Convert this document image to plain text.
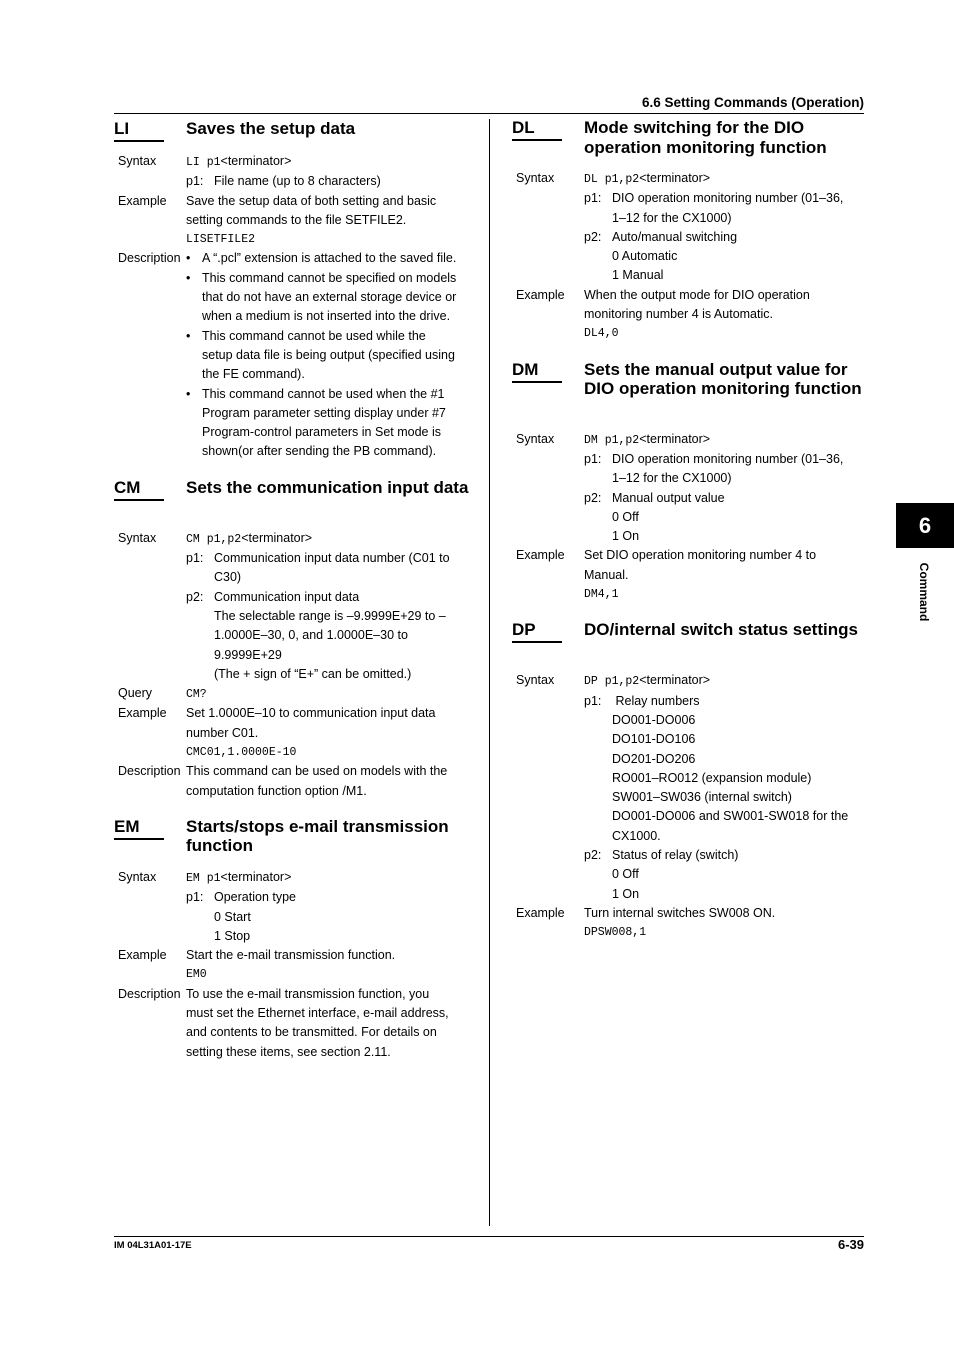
6.6 Setting Commands (Operation)
IM 04L31A01-17E	6-39
6
Command
LI	Saves the setup data
Syntax	LI p1<terminator>
p1: File name (up to 8 characters)
Example Save the setup data of both setting and basic
setting commands to the file SETFILE2.
LISETFILE2
Description • A “.pcl” extension is attached to the saved file.
• This command cannot be specified on models
that do not have an external storage device or
when a medium is not inserted into the drive.
• This command cannot be used while the
setup data file is being output (specified using
the FE command).
• This command cannot be used when the #1
Program parameter setting display under #7
Program-control parameters in Set mode is
shown(or after sending the PB command).
CM	Sets the communication input data
Syntax	CM p1,p2<terminator>
p1: Communication input data number (C01 to
C30)
p2: Communication input data
The selectable range is –9.9999E+29 to –
1.0000E–30, 0, and 1.0000E–30 to
9.9999E+29
(The + sign of “E+” can be omitted.)
Query	CM?
Example Set 1.0000E–10 to communication input data
number C01.
CMC01,1.0000E-10
Description This command can be used on models with the
computation function option /M1.
EM	Starts/stops e-mail transmission function
Syntax	EM p1<terminator>
p1: Operation type
0 Start
1 Stop
Example Start the e-mail transmission function.
EM0
Description To use the e-mail transmission function, you
must set the Ethernet interface, e-mail address,
and contents to be transmitted. For details on
setting these items, see section 2.11.
DL	Mode switching for the DIO operation monitoring function
Syntax	DL p1,p2<terminator>
p1: DIO operation monitoring number (01–36,
1–12 for the CX1000)
p2: Auto/manual switching
0 Automatic
1 Manual
Example When the output mode for DIO operation
monitoring number 4 is Automatic.
DL4,0
DM	Sets the manual output value for DIO operation monitoring function
Syntax	DM p1,p2<terminator>
p1: DIO operation monitoring number (01–36,
1–12 for the CX1000)
p2: Manual output value
0 Off
1 On
Example Set DIO operation monitoring number 4 to
Manual.
DM4,1
DP	DO/internal switch status settings
Syntax	DP p1,p2<terminator>
p1: Relay numbers
DO001-DO006
DO101-DO106
DO201-DO206
RO001–RO012 (expansion module)
SW001–SW036 (internal switch)
DO001-DO006 and SW001-SW018 for the
CX1000.
p2: Status of relay (switch)
0 Off
1 On
Example Turn internal switches SW008 ON.
DPSW008,1
